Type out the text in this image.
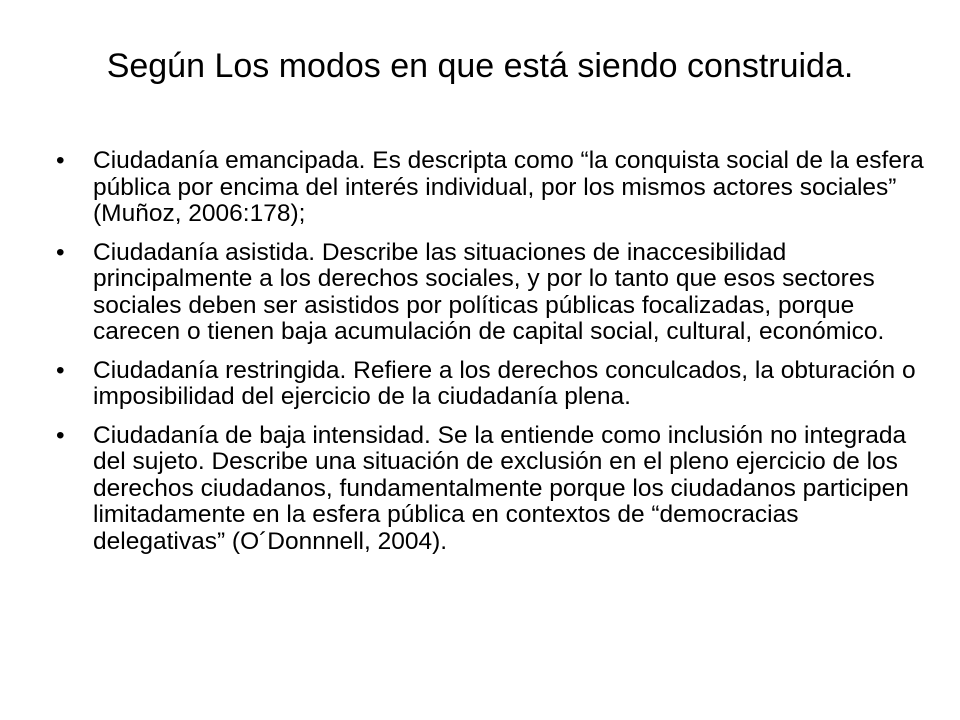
Según Los modos en que está siendo construida.
• Ciudadanía emancipada. Es descripta como “la conquista social de la esfera pública por encima del interés individual, por los mismos actores sociales” (Muñoz, 2006:178);
• Ciudadanía asistida. Describe las situaciones de inaccesibilidad principalmente a los derechos sociales, y por lo tanto que esos sectores sociales deben ser asistidos por políticas públicas focalizadas, porque carecen o tienen baja acumulación de capital social, cultural, económico.
• Ciudadanía restringida. Refiere a los derechos conculcados, la obturación o imposibilidad del ejercicio de la ciudadanía plena.
• Ciudadanía de baja intensidad. Se la entiende como inclusión no integrada del sujeto. Describe una situación de exclusión en el pleno ejercicio de los derechos ciudadanos, fundamentalmente porque los ciudadanos participen limitadamente en la esfera pública en contextos de “democracias delegativas” (O´Donnnell, 2004).
